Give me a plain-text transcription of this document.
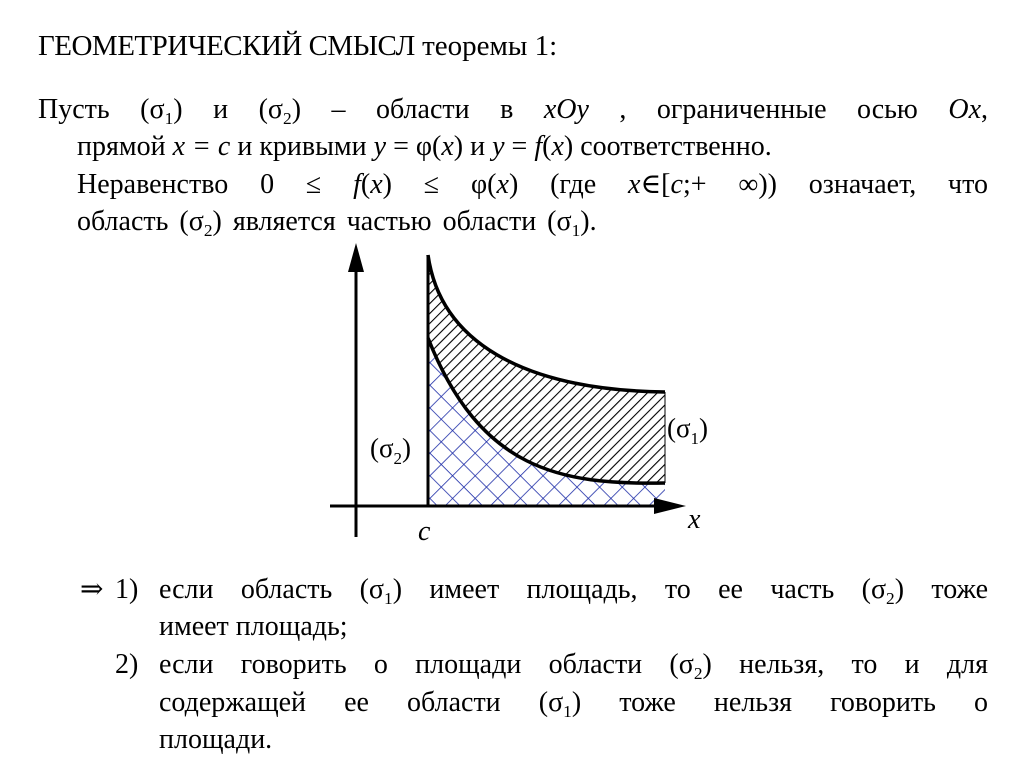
ГЕОМЕТРИЧЕСКИЙ СМЫСЛ теоремы 1:
Пусть $(\sigma_1)$ и $(\sigma_2)$ – области в xOy , ограниченные осью Ox,
прямой x = c и кривыми y = φ(x) и y = f(x) соответственно.
Неравенство 0 ≤ f(x) ≤ φ(x) (где x∈[c;+ ∞)) означает, что
область $(\sigma_2)$ является частью области $(\sigma_1)$.
$(\sigma_2)$
$(\sigma_1)$
c	x
⇒ 1) если область $(\sigma_1)$ имеет площадь, то ее часть $(\sigma_2)$ тоже
имеет площадь;
2) если говорить о площади области $(\sigma_2)$ нельзя, то и для
содержащей ее области $(\sigma_1)$ тоже нельзя говорить о
площади.
